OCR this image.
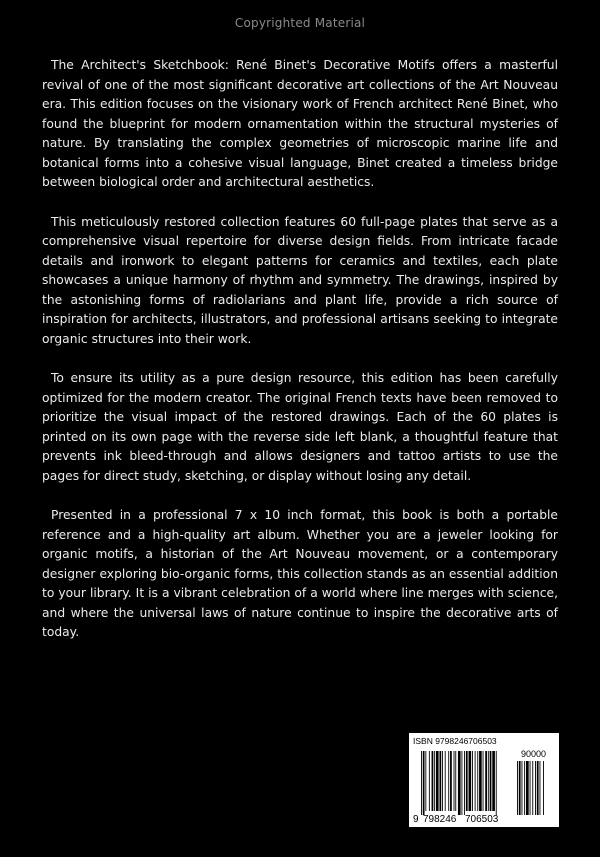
Copyrighted Material

The Architect's Sketchbook: René Binet's Decorative Motifs offers a masterful revival of one of the most significant decorative art collections of the Art Nouveau era. This edition focuses on the visionary work of French architect René Binet, who found the blueprint for modern ornamentation within the structural mysteries of nature. By translating the complex geometries of microscopic marine life and botanical forms into a cohesive visual language, Binet created a timeless bridge between biological order and architectural aesthetics.

This meticulously restored collection features 60 full-page plates that serve as a comprehensive visual repertoire for diverse design fields. From intricate facade details and ironwork to elegant patterns for ceramics and textiles, each plate showcases a unique harmony of rhythm and symmetry. The drawings, inspired by the astonishing forms of radiolarians and plant life, provide a rich source of inspiration for architects, illustrators, and professional artisans seeking to integrate organic structures into their work.

To ensure its utility as a pure design resource, this edition has been carefully optimized for the modern creator. The original French texts have been removed to prioritize the visual impact of the restored drawings. Each of the 60 plates is printed on its own page with the reverse side left blank, a thoughtful feature that prevents ink bleed-through and allows designers and tattoo artists to use the pages for direct study, sketching, or display without losing any detail.

Presented in a professional 7 x 10 inch format, this book is both a portable reference and a high-quality art album. Whether you are a jeweler looking for organic motifs, a historian of the Art Nouveau movement, or a contemporary designer exploring bio-organic forms, this collection stands as an essential addition to your library. It is a vibrant celebration of a world where line merges with science, and where the universal laws of nature continue to inspire the decorative arts of today.

ISBN 9798246706503
9 798246 706503
90000
